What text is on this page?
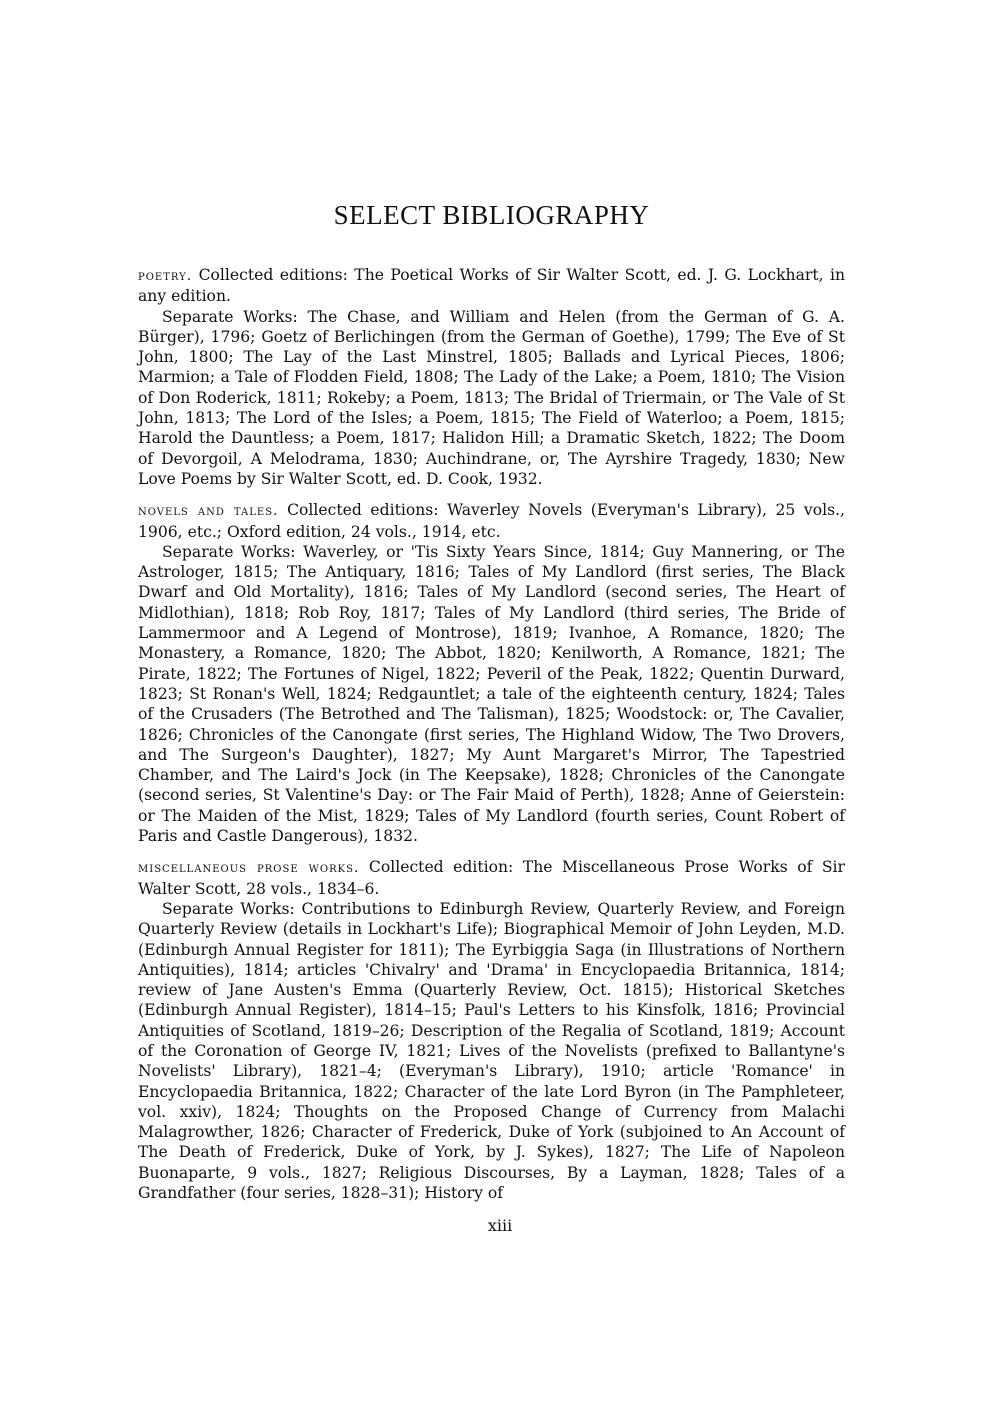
SELECT BIBLIOGRAPHY

poetry. Collected editions: The Poetical Works of Sir Walter Scott, ed. J. G. Lockhart, in any edition.

Separate Works: The Chase, and William and Helen (from the German of G. A. Bürger), 1796; Goetz of Berlichingen (from the German of Goethe), 1799; The Eve of St John, 1800; The Lay of the Last Minstrel, 1805; Ballads and Lyrical Pieces, 1806; Marmion; a Tale of Flodden Field, 1808; The Lady of the Lake; a Poem, 1810; The Vision of Don Roderick, 1811; Rokeby; a Poem, 1813; The Bridal of Triermain, or The Vale of St John, 1813; The Lord of the Isles; a Poem, 1815; The Field of Waterloo; a Poem, 1815; Harold the Dauntless; a Poem, 1817; Halidon Hill; a Dramatic Sketch, 1822; The Doom of Devorgoil, A Melodrama, 1830; Auchindrane, or, The Ayrshire Tragedy, 1830; New Love Poems by Sir Walter Scott, ed. D. Cook, 1932.

novels and tales. Collected editions: Waverley Novels (Everyman's Library), 25 vols., 1906, etc.; Oxford edition, 24 vols., 1914, etc.

Separate Works: Waverley, or 'Tis Sixty Years Since, 1814; Guy Mannering, or The Astrologer, 1815; The Antiquary, 1816; Tales of My Landlord (first series, The Black Dwarf and Old Mortality), 1816; Tales of My Landlord (second series, The Heart of Midlothian), 1818; Rob Roy, 1817; Tales of My Landlord (third series, The Bride of Lammermoor and A Legend of Montrose), 1819; Ivanhoe, A Romance, 1820; The Monastery, a Romance, 1820; The Abbot, 1820; Kenilworth, A Romance, 1821; The Pirate, 1822; The Fortunes of Nigel, 1822; Peveril of the Peak, 1822; Quentin Durward, 1823; St Ronan's Well, 1824; Redgauntlet; a tale of the eighteenth century, 1824; Tales of the Crusaders (The Betrothed and The Talisman), 1825; Woodstock: or, The Cavalier, 1826; Chronicles of the Canongate (first series, The Highland Widow, The Two Drovers, and The Surgeon's Daughter), 1827; My Aunt Margaret's Mirror, The Tapestried Chamber, and The Laird's Jock (in The Keepsake), 1828; Chronicles of the Canongate (second series, St Valentine's Day: or The Fair Maid of Perth), 1828; Anne of Geierstein: or The Maiden of the Mist, 1829; Tales of My Landlord (fourth series, Count Robert of Paris and Castle Dangerous), 1832.

miscellaneous prose works. Collected edition: The Miscellaneous Prose Works of Sir Walter Scott, 28 vols., 1834–6.

Separate Works: Contributions to Edinburgh Review, Quarterly Review, and Foreign Quarterly Review (details in Lockhart's Life); Biographical Memoir of John Leyden, M.D. (Edinburgh Annual Register for 1811); The Eyrbiggia Saga (in Illustrations of Northern Antiquities), 1814; articles 'Chivalry' and 'Drama' in Encyclopaedia Britannica, 1814; review of Jane Austen's Emma (Quarterly Review, Oct. 1815); Historical Sketches (Edinburgh Annual Register), 1814–15; Paul's Letters to his Kinsfolk, 1816; Provincial Antiquities of Scotland, 1819–26; Description of the Regalia of Scotland, 1819; Account of the Coronation of George IV, 1821; Lives of the Novelists (prefixed to Ballantyne's Novelists' Library), 1821–4; (Everyman's Library), 1910; article 'Romance' in Encyclopaedia Britannica, 1822; Character of the late Lord Byron (in The Pamphleteer, vol. xxiv), 1824; Thoughts on the Proposed Change of Currency from Malachi Malagrowther, 1826; Character of Frederick, Duke of York (subjoined to An Account of The Death of Frederick, Duke of York, by J. Sykes), 1827; The Life of Napoleon Buonaparte, 9 vols., 1827; Religious Discourses, By a Layman, 1828; Tales of a Grandfather (four series, 1828–31); History of

xiii
